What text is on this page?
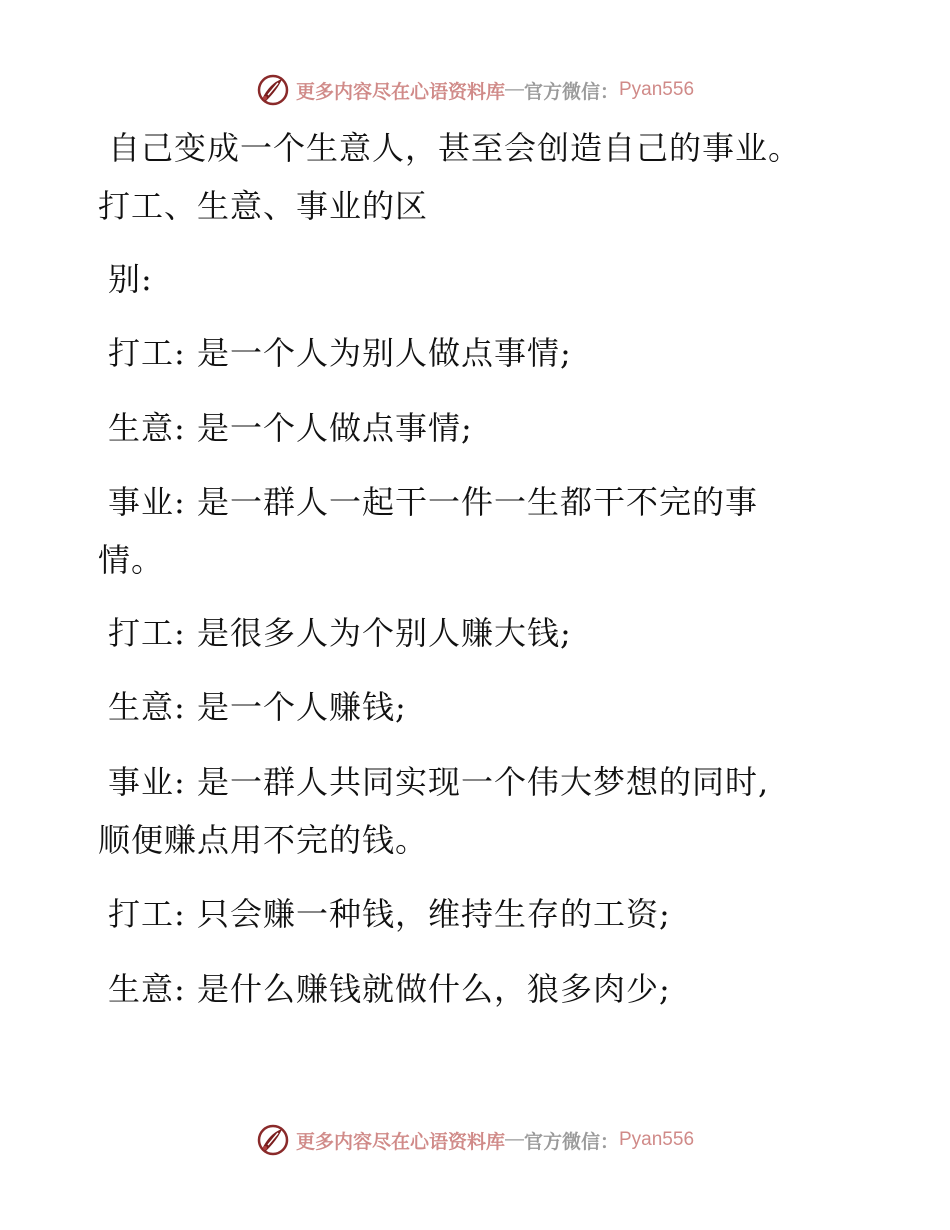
更多内容尽在心语资料库 — 官方微信： Pyan556
自己变成一个生意人，甚至会创造自己的事业。
打工、生意、事业的区
别:
打工: 是一个人为别人做点事情;
生意: 是一个人做点事情;
事业: 是一群人一起干一件一生都干不完的事
情。
打工: 是很多人为个别人赚大钱;
生意: 是一个人赚钱;
事业: 是一群人共同实现一个伟大梦想的同时,
顺便赚点用不完的钱。
打工: 只会赚一种钱，维持生存的工资;
生意: 是什么赚钱就做什么，狼多肉少;
更多内容尽在心语资料库 — 官方微信： Pyan556
